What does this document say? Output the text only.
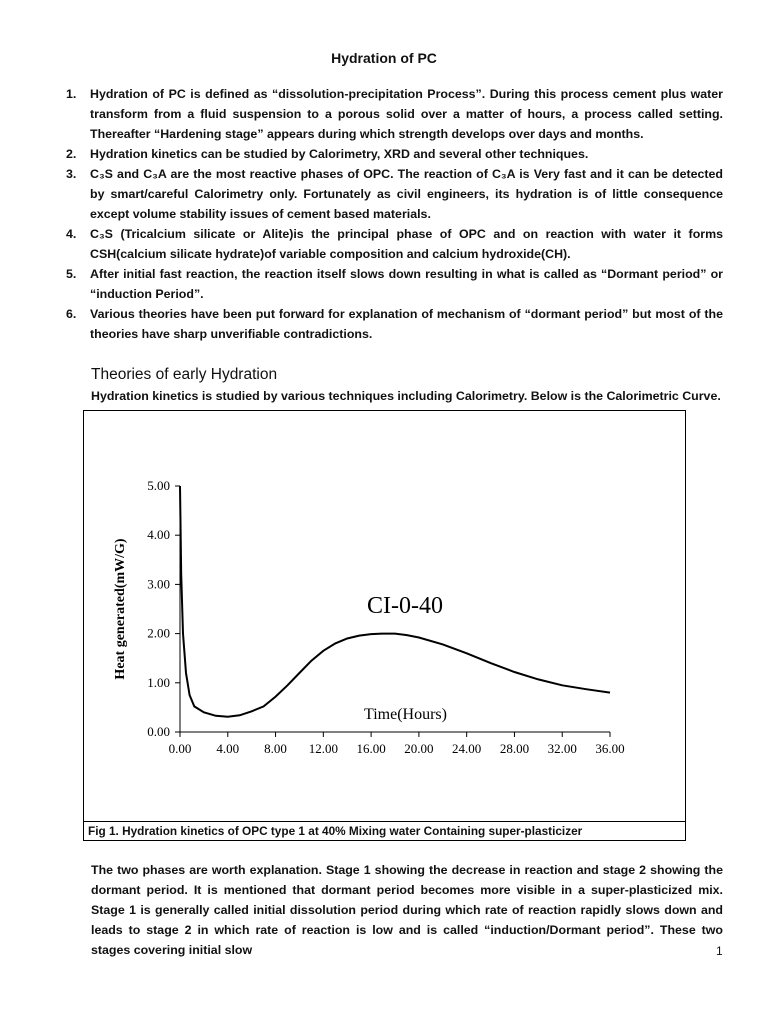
Hydration of PC
1. Hydration of PC is defined as “dissolution-precipitation Process”. During this process cement plus water transform from a fluid suspension to a porous solid over a matter of hours, a process called setting. Thereafter “Hardening stage” appears during which strength develops over days and months.
2. Hydration kinetics can be studied by Calorimetry, XRD and several other techniques.
3. C₃S and C₃A are the most reactive phases of OPC. The reaction of C₃A is Very fast and it can be detected by smart/careful Calorimetry only. Fortunately as civil engineers, its hydration is of little consequence except volume stability issues of cement based materials.
4. C₃S (Tricalcium silicate or Alite)is the principal phase of OPC and on reaction with water it forms CSH(calcium silicate hydrate)of variable composition and calcium hydroxide(CH).
5. After initial fast reaction, the reaction itself slows down resulting in what is called as “Dormant period” or “induction Period”.
6. Various theories have been put forward for explanation of mechanism of “dormant period” but most of the theories have sharp unverifiable contradictions.
Theories of early Hydration
Hydration kinetics is studied by various techniques including Calorimetry. Below is the Calorimetric Curve.
0.00 4.00 8.00 12.00 16.00 20.00 24.00 28.00 32.00 36.00
0.00
1.00
2.00
3.00
4.00
5.00
CI-0-40
Time(Hours)
Heat generated(mW/G)
Fig 1. Hydration kinetics of OPC type 1 at 40% Mixing water Containing super-plasticizer
The two phases are worth explanation. Stage 1 showing the decrease in reaction and stage 2 showing the dormant period. It is mentioned that dormant period becomes more visible in a super-plasticized mix. Stage 1 is generally called initial dissolution period during which rate of reaction rapidly slows down and leads to stage 2 in which rate of reaction is low and is called “induction/Dormant period”. These two stages covering initial slow	1
